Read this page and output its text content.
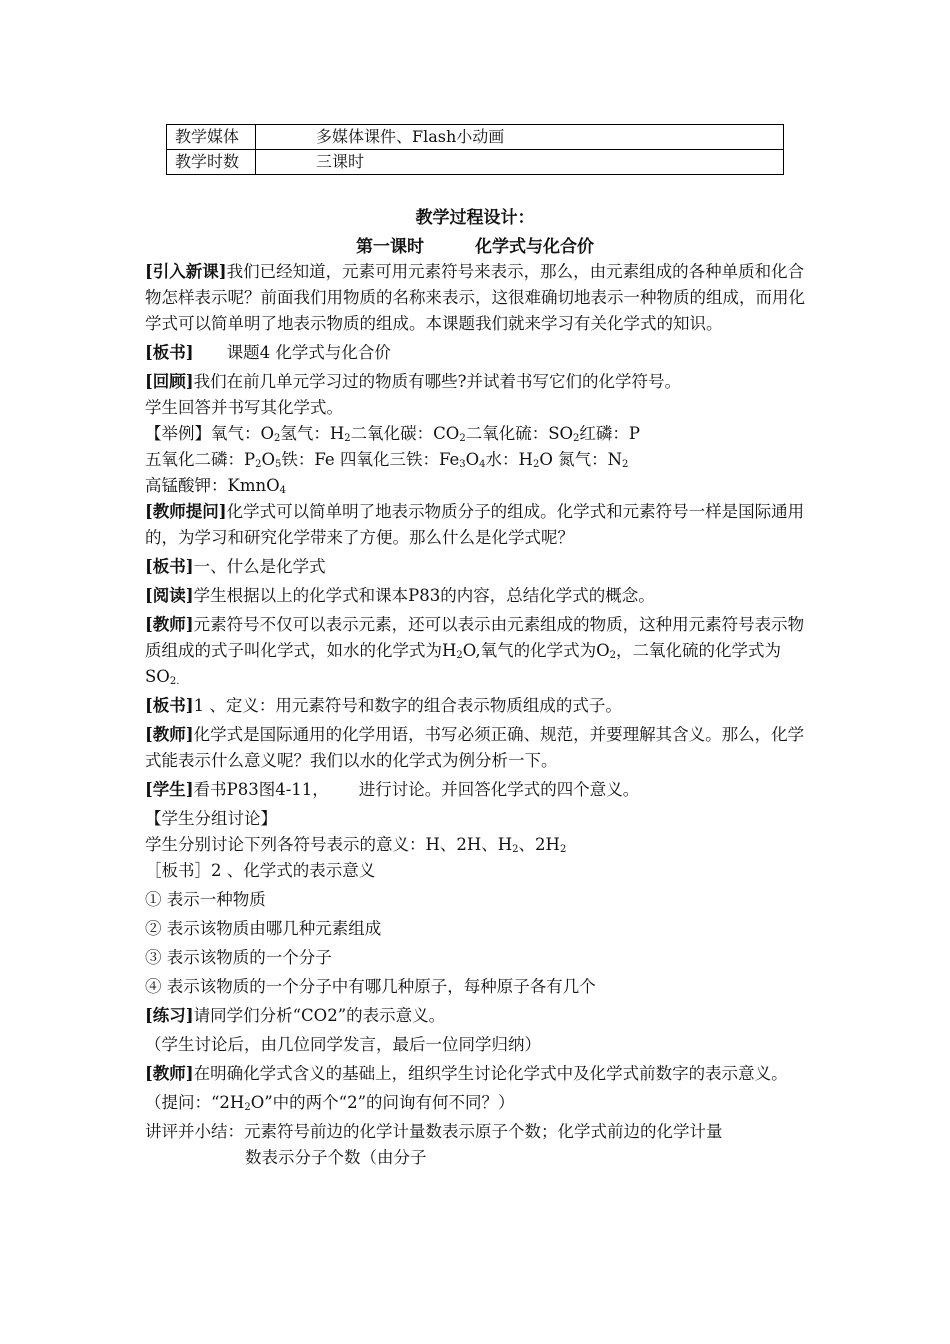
教学媒体	多媒体课件、Flash小动画
教学时数	三课时
教学过程设计：
第一课时　　　化学式与化合价

[引入新课]我们已经知道，元素可用元素符号来表示，那么，由元素组成的各种单质和化合物怎样表示呢？前面我们用物质的名称来表示，这很难确切地表示一种物质的组成，而用化学式可以简单明了地表示物质的组成。本课题我们就来学习有关化学式的知识。

[板书]　　课题4 化学式与化合价

[回顾]我们在前几单元学习过的物质有哪些?并试着书写它们的化学符号。

学生回答并书写其化学式。

【举例】氧气：$O_2$氢气：$H_2$二氧化碳：$CO_2$二氧化硫：$SO_2$红磷：P

五氧化二磷：$P_2O_5$铁：Fe 四氧化三铁：$Fe_3O_4$水：$H_2O$ 氮气：$N_2$

高锰酸钾：KmnO$_4$

[教师提问]化学式可以简单明了地表示物质分子的组成。化学式和元素符号一样是国际通用的，为学习和研究化学带来了方便。那么什么是化学式呢？

[板书]一、什么是化学式

[阅读]学生根据以上的化学式和课本P83的内容，总结化学式的概念。

[教师]元素符号不仅可以表示元素，还可以表示由元素组成的物质，这种用元素符号表示物质组成的式子叫化学式，如水的化学式为$H_2O$,氧气的化学式为$O_2$，二氧化硫的化学式为$SO_{2.}$

[板书]1 、定义：用元素符号和数字的组合表示物质组成的式子。

[教师]化学式是国际通用的化学用语，书写必须正确、规范，并要理解其含义。那么，化学式能表示什么意义呢？我们以水的化学式为例分析一下。

[学生]看书P83图4-11，　　 进行讨论。并回答化学式的四个意义。

【学生分组讨论】

学生分别讨论下列各符号表示的意义：H、2H、$H_2$、$2H_2$

［板书］2 、化学式的表示意义

① 表示一种物质

② 表示该物质由哪几种元素组成

③ 表示该物质的一个分子

④ 表示该物质的一个分子中有哪几种原子，每种原子各有几个

[练习]请同学们分析“CO2”的表示意义。

（学生讨论后，由几位同学发言，最后一位同学归纳）

[教师]在明确化学式含义的基础上，组织学生讨论化学式中及化学式前数字的表示意义。

（提问：“$2H_2O$”中的两个“2”的问询有何不同？）

讲评并小结：元素符号前边的化学计量数表示原子个数；化学式前边的化学计量

数表示分子个数（由分子
